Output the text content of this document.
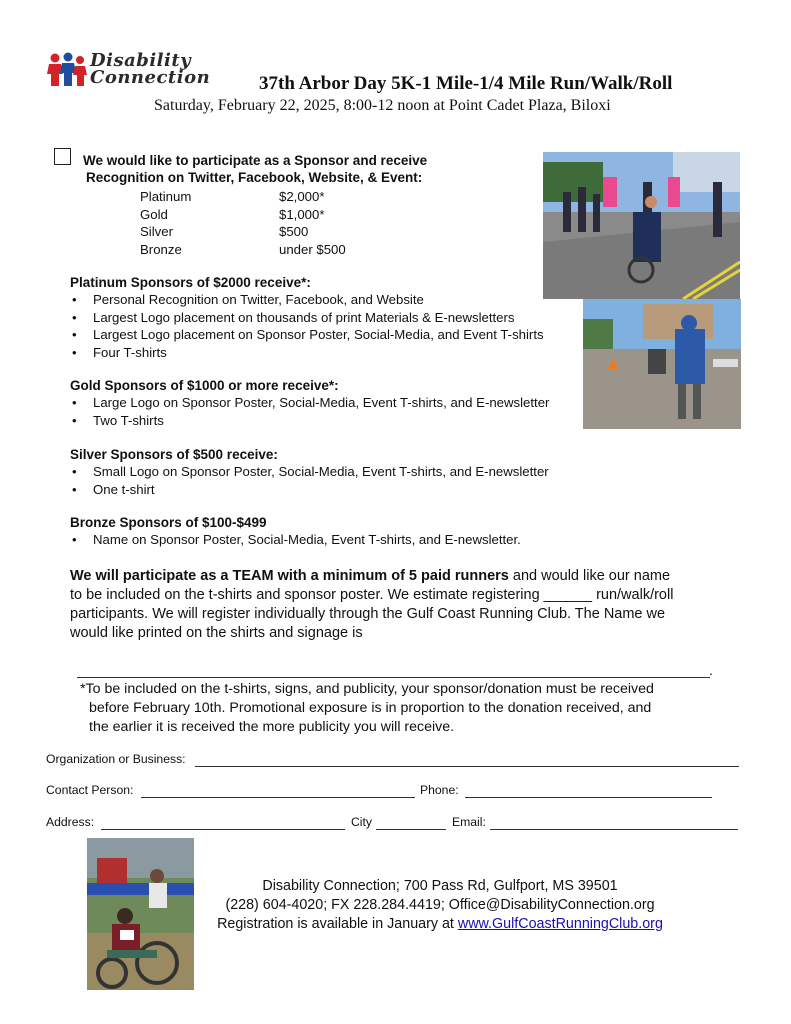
Disability
Connection	37th Arbor Day 5K-1 Mile-1/4 Mile Run/Walk/Roll
Saturday, February 22, 2025, 8:00-12 noon at Point Cadet Plaza, Biloxi
We would like to participate as a Sponsor and receive
Recognition on Twitter, Facebook, Website, & Event:
Platinum	$2,000*
Gold	$1,000*
Silver	$500
Bronze	under $500
Platinum Sponsors of $2000 receive*:
• Personal Recognition on Twitter, Facebook, and Website
• Largest Logo placement on thousands of print Materials & E-newsletters
• Largest Logo placement on Sponsor Poster, Social-Media, and Event T-shirts
• Four T-shirts
Gold Sponsors of $1000 or more receive*:
• Large Logo on Sponsor Poster, Social-Media, Event T-shirts, and E-newsletter
• Two T-shirts
Silver Sponsors of $500 receive:
• Small Logo on Sponsor Poster, Social-Media, Event T-shirts, and E-newsletter
• One t-shirt
Bronze Sponsors of $100-$499
• Name on Sponsor Poster, Social-Media, Event T-shirts, and E-newsletter.
We will participate as a TEAM with a minimum of 5 paid runners and would like our name
to be included on the t-shirts and sponsor poster. We estimate registering ______ run/walk/roll
participants. We will register individually through the Gulf Coast Running Club. The Name we
would like printed on the shirts and signage is
.
*To be included on the t-shirts, signs, and publicity, your sponsor/donation must be received
before February 10th. Promotional exposure is in proportion to the donation received, and
the earlier it is received the more publicity you will receive.
Organization or Business:
Contact Person:	Phone:
Address:	City	Email:
Disability Connection; 700 Pass Rd, Gulfport, MS 39501
(228) 604-4020; FX 228.284.4419; Office@DisabilityConnection.org
Registration is available in January at www.GulfCoastRunningClub.org
